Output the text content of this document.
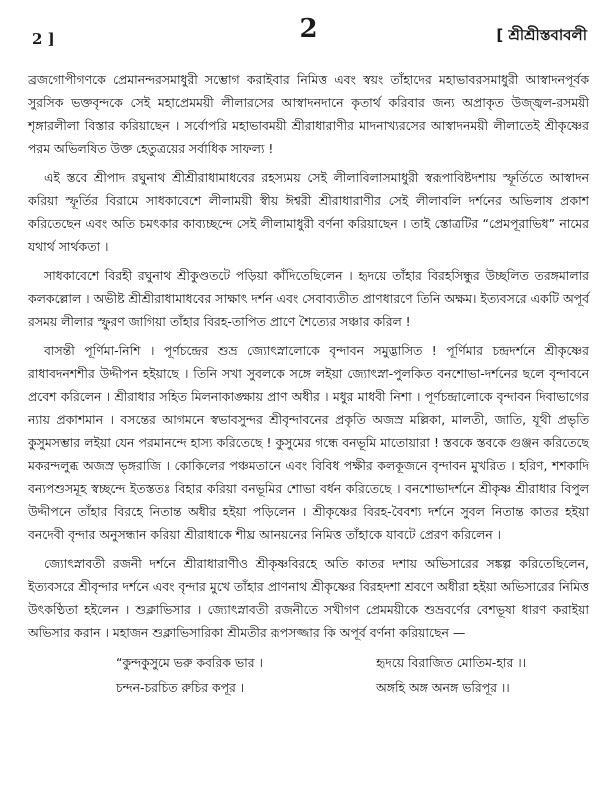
2 ]	2	[ শ্রীশ্রীস্তবাবলী

ব্রজগোপীগণকে প্রেমানন্দরসমাধুরী সম্ভোগ করাইবার নিমিত্ত এবং স্বয়ং তাঁহাদের মহাভাবরসমাধুরী আস্বাদনপূর্বক সুরসিক ভক্তবৃন্দকে সেই মহাপ্রেমময়ী লীলারসের আস্বাদনদানে কৃতার্থ করিবার জন্য অপ্রাকৃত উজ্জ্বল-রসময়ী শৃঙ্গারলীলা বিস্তার করিয়াছেন । সর্বোপরি মহাভাবময়ী শ্রীরাধারাণীর মাদনাখ্যরসের আস্বাদনময়ী লীলাতেই শ্রীকৃষ্ণের পরম অভিলষিত উক্ত হেতুত্রয়ের সর্বাধিক সাফল্য !

এই স্তবে শ্রীপাদ রঘুনাথ শ্রীশ্রীরাধামাধবের রহস্যময় সেই লীলাবিলাসমাধুরী স্বরূপাবিষ্টদশায় স্ফূর্তিতে আস্বাদন করিয়া স্ফূর্তির বিরামে সাধকাবেশে লীলাময়ী স্বীয় ঈশ্বরী শ্রীরাধারাণীর সেই লীলাবলি দর্শনের অভিলাষ প্রকাশ করিতেছেন এবং অতি চমৎকার কাব্যচ্ছন্দে সেই লীলামাধুরী বর্ণনা করিয়াছেন । তাই স্তোত্রটির “প্রেমপূরাভিধ” নামের যথার্থ সার্থকতা ।

সাধকাবেশে বিরহী রঘুনাথ শ্রীকুণ্ডতটে পড়িয়া কাঁদিতেছিলেন । হৃদয়ে তাঁহার বিরহসিন্ধুর উচ্ছলিত তরঙ্গমালার কলকল্লোল । অভীষ্ট শ্রীশ্রীরাধামাধবের সাক্ষাৎ দর্শন এবং সেবাব্যতীত প্রাণধারণে তিনি অক্ষম। ইত্যবসরে একটি অপূর্ব রসময় লীলার স্ফুরণ জাগিয়া তাঁহার বিরহ-তাপিত প্রাণে শৈত্যের সঞ্চার করিল !

বাসন্তী পূর্ণিমা-নিশি । পূর্ণচন্দ্রের শুভ্র জ্যোৎস্নালোকে বৃন্দাবন সমুদ্ভাসিত ! পূর্ণিমার চন্দ্রদর্শনে শ্রীকৃষ্ণের রাধাবদনশশীর উদ্দীপন হইয়াছে । তিনি সখা সুবলকে সঙ্গে লইয়া জ্যোৎস্না-পুলকিত বনশোভা-দর্শনের ছলে বৃন্দাবনে প্রবেশ করিলেন । শ্রীরাধার সহিত মিলনাকাঙ্ক্ষায় প্রাণ অধীর । মধুর মাধবী নিশা । পূর্ণচন্দ্রালোকে বৃন্দাবন দিবাভাগের ন্যায় প্রকাশমান । বসন্তের আগমনে স্বভাবসুন্দর শ্রীবৃন্দাবনের প্রকৃতি অজস্র মল্লিকা, মালতী, জাতি, যূথী প্রভৃতি কুসুমসম্ভার লইয়া যেন পরমানন্দে হাস্য করিতেছে ! কুসুমের গন্ধে বনভূমি মাতোয়ারা ! স্তবকে স্তবকে গুঞ্জন করিতেছে মকরন্দলুব্ধ অজস্র ভৃঙ্গরাজি । কোকিলের পঞ্চমতানে এবং বিবিধ পক্ষীর কলকূজনে বৃন্দাবন মুখরিত । হরিণ, শশকাদি বন্যপশুসমূহ স্বচ্ছন্দে ইতস্ততঃ বিহার করিয়া বনভূমির শোভা বর্ধন করিতেছে । বনশোভাদর্শনে শ্রীকৃষ্ণ শ্রীরাধার বিপুল উদ্দীপনে তাঁহার বিরহে নিতান্ত অধীর হইয়া পড়িলেন । শ্রীকৃষ্ণের বিরহ-বৈবশ্য দর্শনে সুবল নিতান্ত কাতর হইয়া বনদেবী বৃন্দার অনুসন্ধান করিয়া শ্রীরাধাকে শীঘ্র আনয়নের নিমিত্ত তাঁহাকে যাবটে প্রেরণ করিলেন ।

জ্যোৎস্নাবতী রজনী দর্শনে শ্রীরাধারাণীও শ্রীকৃষ্ণবিরহে অতি কাতর দশায় অভিসারের সঙ্কল্প করিতেছিলেন, ইত্যবসরে শ্রীবৃন্দার দর্শনে এবং বৃন্দার মুখে তাঁহার প্রাণনাথ শ্রীকৃষ্ণের বিরহদশা শ্রবণে অধীরা হইয়া অভিসারের নিমিত্ত উৎকণ্ঠিতা হইলেন । শুক্লাভিসার । জ্যোৎস্নাবতী রজনীতে সখীগণ প্রেমময়ীকে শুভ্রবর্ণের বেশভূষা ধারণ করাইয়া অভিসার করান । মহাজন শুক্লাভিসারিকা শ্রীমতীর রূপসজ্জার কি অপূর্ব বর্ণনা করিয়াছেন —

“কুন্দকুসুমে ভরু কবরিক ভার ।	হৃদয়ে বিরাজিত মোতিম-হার ।।
চন্দন-চরচিত রুচির কপূর ।	অঙ্গহি অঙ্গ অনঙ্গ ভরিপূর ।।
